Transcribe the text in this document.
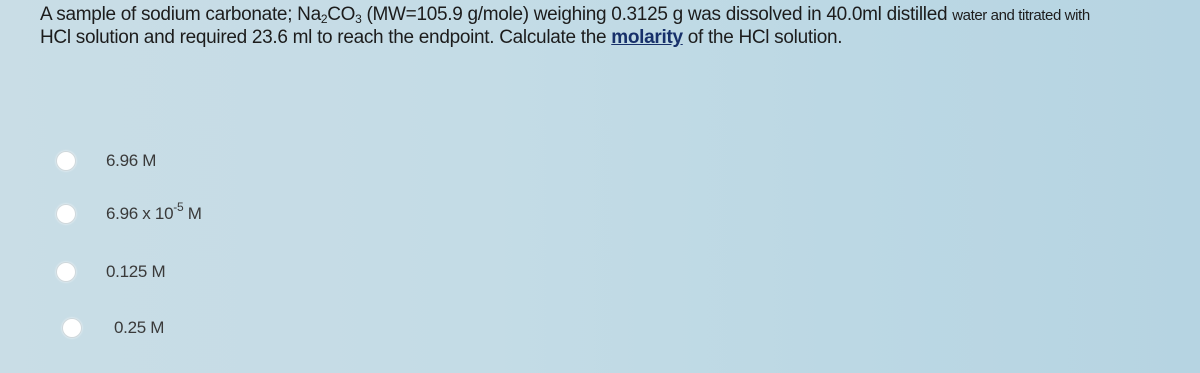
A sample of sodium carbonate; $Na_2CO_3$ (MW=105.9 g/mole) weighing 0.3125 g was dissolved in 40.0ml distilled water and titrated with
HCl solution and required 23.6 ml to reach the endpoint. Calculate the molarity of the HCl solution.
6.96 M
6.96 x $10^{-5}$ M
0.125 M
0.25 M
